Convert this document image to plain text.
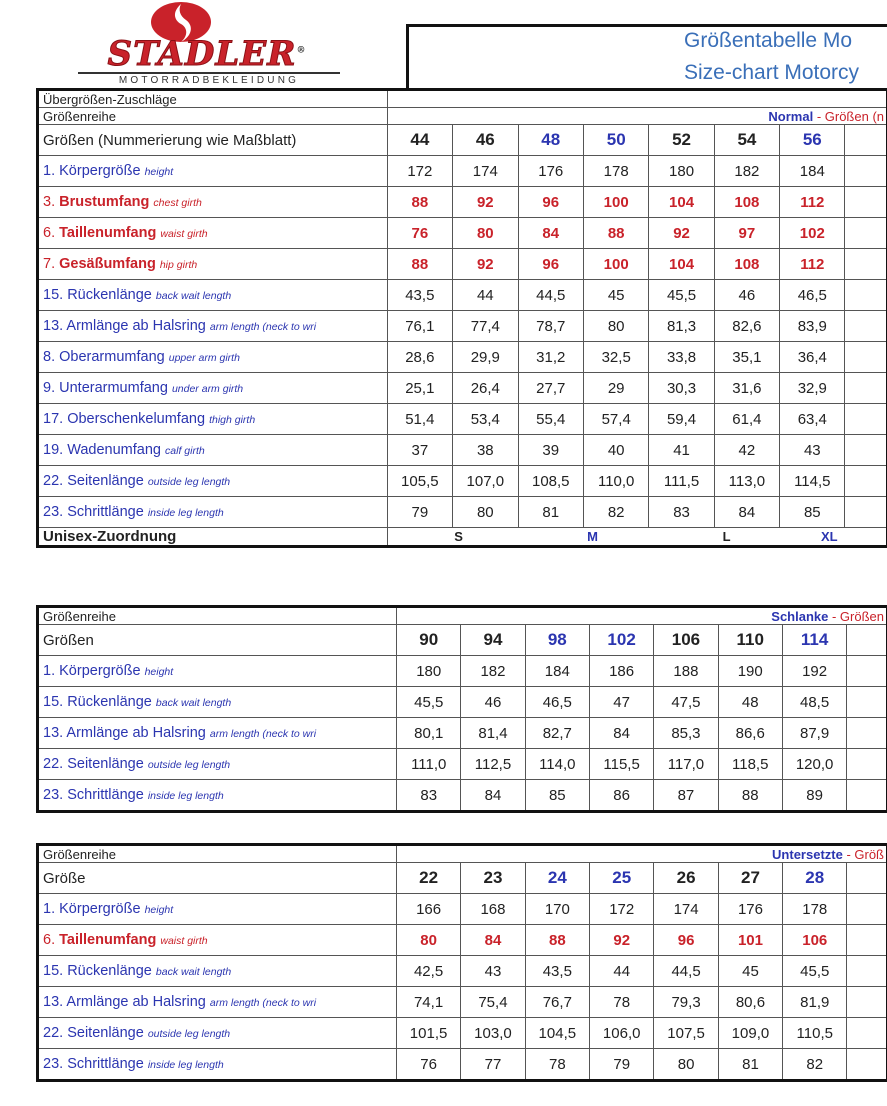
STADLER®
MOTORRADBEKLEIDUNG
Größentabelle Mo
Size-chart Motorcy
Übergrößen-Zuschläge								
Größenreihe	Normal - Größen (n							
Größen (Nummerierung wie Maßblatt)	44	46	48	50	52	54	56	
1. Körpergröße height	172	174	176	178	180	182	184	
3. Brustumfang chest girth	88	92	96	100	104	108	112	
6. Taillenumfang waist girth	76	80	84	88	92	97	102	
7. Gesäßumfang hip girth	88	92	96	100	104	108	112	
15. Rückenlänge back wait length	43,5	44	44,5	45	45,5	46	46,5	
13. Armlänge ab Halsring arm length (neck to wri	76,1	77,4	78,7	80	81,3	82,6	83,9	
8. Oberarmumfang upper arm girth	28,6	29,9	31,2	32,5	33,8	35,1	36,4	
9. Unterarmumfang under arm girth	25,1	26,4	27,7	29	30,3	31,6	32,9	
17. Oberschenkelumfang thigh girth	51,4	53,4	55,4	57,4	59,4	61,4	63,4	
19. Wadenumfang calf girth	37	38	39	40	41	42	43	
22. Seitenlänge outside leg length	105,5	107,0	108,5	110,0	111,5	113,0	114,5	
23. Schrittlänge inside leg length	79	80	81	82	83	84	85	
Unisex-Zuordnung	S M L XL							
Größenreihe	Schlanke - Größen							
Größen	90	94	98	102	106	110	114	
1. Körpergröße height	180	182	184	186	188	190	192	
15. Rückenlänge back wait length	45,5	46	46,5	47	47,5	48	48,5	
13. Armlänge ab Halsring arm length (neck to wri	80,1	81,4	82,7	84	85,3	86,6	87,9	
22. Seitenlänge outside leg length	111,0	112,5	114,0	115,5	117,0	118,5	120,0	
23. Schrittlänge inside leg length	83	84	85	86	87	88	89	
Größenreihe	Untersetzte - Größ							
Größe	22	23	24	25	26	27	28	
1. Körpergröße height	166	168	170	172	174	176	178	
6. Taillenumfang waist girth	80	84	88	92	96	101	106	
15. Rückenlänge back wait length	42,5	43	43,5	44	44,5	45	45,5	
13. Armlänge ab Halsring arm length (neck to wri	74,1	75,4	76,7	78	79,3	80,6	81,9	
22. Seitenlänge outside leg length	101,5	103,0	104,5	106,0	107,5	109,0	110,5	
23. Schrittlänge inside leg length	76	77	78	79	80	81	82	
